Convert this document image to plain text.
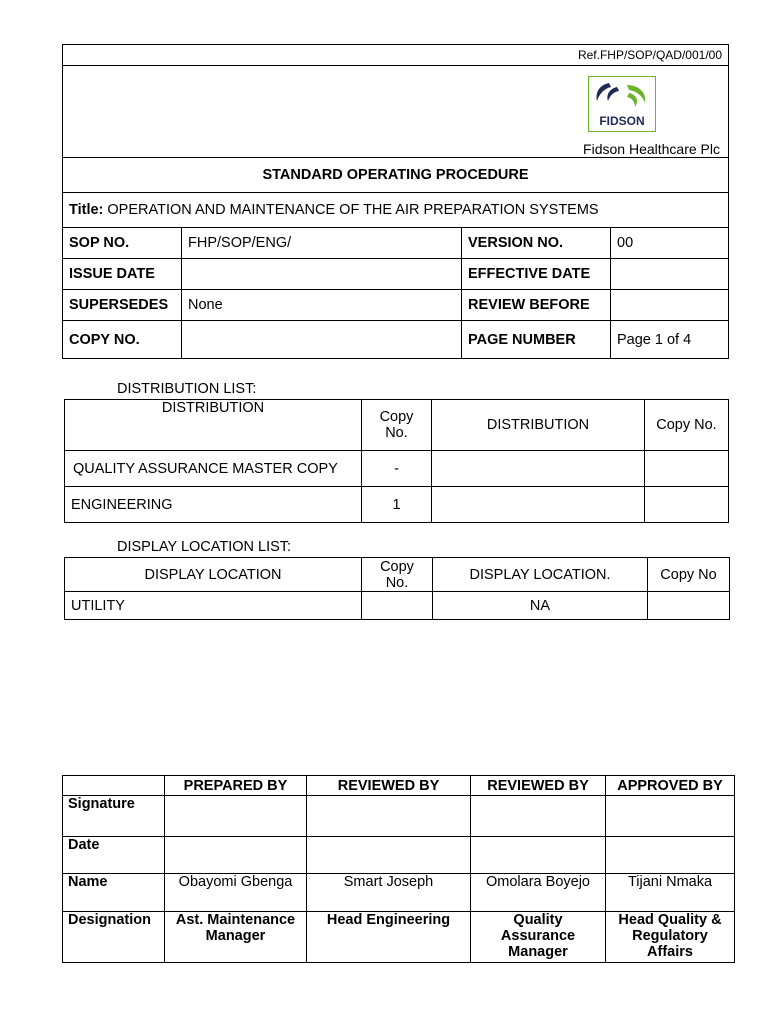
Ref.FHP/SOP/QAD/001/00			

FIDSON
Fidson Healthcare Plc			

STANDARD OPERATING PROCEDURE			
Title: OPERATION AND MAINTENANCE OF THE AIR PREPARATION SYSTEMS			
SOP NO.	FHP/SOP/ENG/	VERSION NO.	00
ISSUE DATE		EFFECTIVE DATE	
SUPERSEDES	None	REVIEW BEFORE	
COPY NO.		PAGE NUMBER	Page 1 of 4
DISTRIBUTION LIST:
DISTRIBUTION	Copy No.	DISTRIBUTION	Copy No.
QUALITY ASSURANCE MASTER COPY	-		
ENGINEERING	1		
DISPLAY LOCATION LIST:
DISPLAY LOCATION	Copy No.	DISPLAY LOCATION.	Copy No
UTILITY		NA	
	PREPARED BY	REVIEWED BY	REVIEWED BY	APPROVED BY
Signature				
Date				
Name	Obayomi Gbenga	Smart Joseph	Omolara Boyejo	Tijani Nmaka
Designation	Ast. Maintenance Manager	Head Engineering	Quality Assurance Manager	Head Quality & Regulatory Affairs
